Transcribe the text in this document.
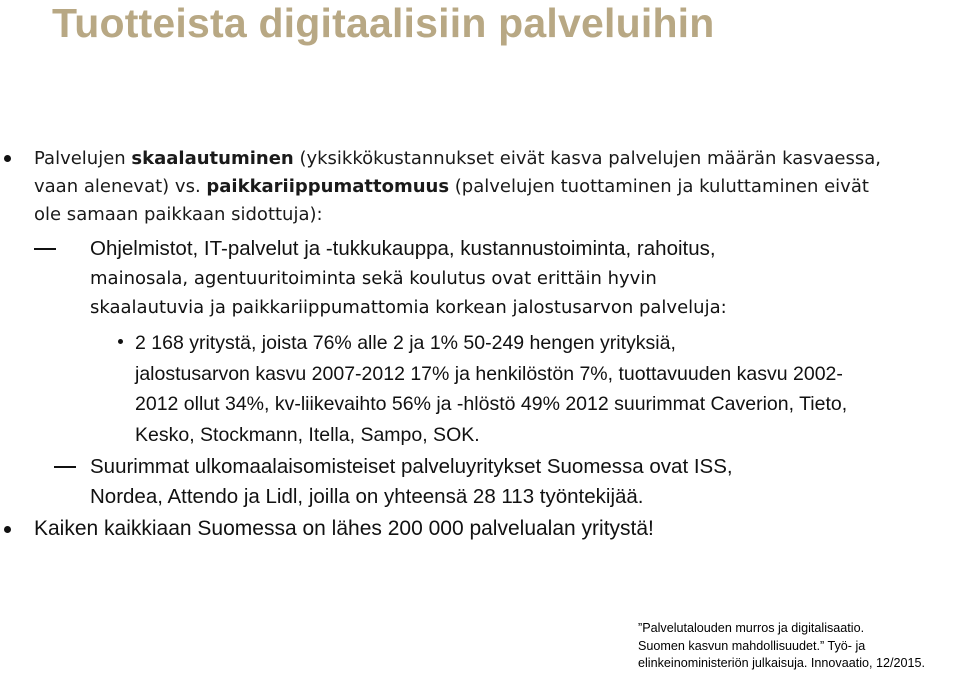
Tuotteista digitaalisiin palveluihin
Palvelujen skaalautuminen (yksikkökustannukset eivät kasva palvelujen määrän kasvaessa,
vaan alenevat) vs. paikkariippumattomuus (palvelujen tuottaminen ja kuluttaminen eivät
ole samaan paikkaan sidottuja):
Ohjelmistot, IT-palvelut ja -tukkukauppa, kustannustoiminta, rahoitus,
mainosala, agentuuritoiminta sekä koulutus ovat erittäin hyvin
skaalautuvia ja paikkariippumattomia korkean jalostusarvon palveluja:
2 168 yritystä, joista 76% alle 2 ja 1% 50-249 hengen yrityksiä,
jalostusarvon kasvu 2007-2012 17% ja henkilöstön 7%, tuottavuuden kasvu 2002-
2012 ollut 34%, kv-liikevaihto 56% ja -hlöstö 49% 2012 suurimmat Caverion, Tieto,
Kesko, Stockmann, Itella, Sampo, SOK.
Suurimmat ulkomaalaisomisteiset palveluyritykset Suomessa ovat ISS,
Nordea, Attendo ja Lidl, joilla on yhteensä 28 113 työntekijää.
Kaiken kaikkiaan Suomessa on lähes 200 000 palvelualan yritystä!
”Palvelutalouden murros ja digitalisaatio.
Suomen kasvun mahdollisuudet.” Työ- ja
elinkeinoministeriön julkaisuja. Innovaatio, 12/2015.
